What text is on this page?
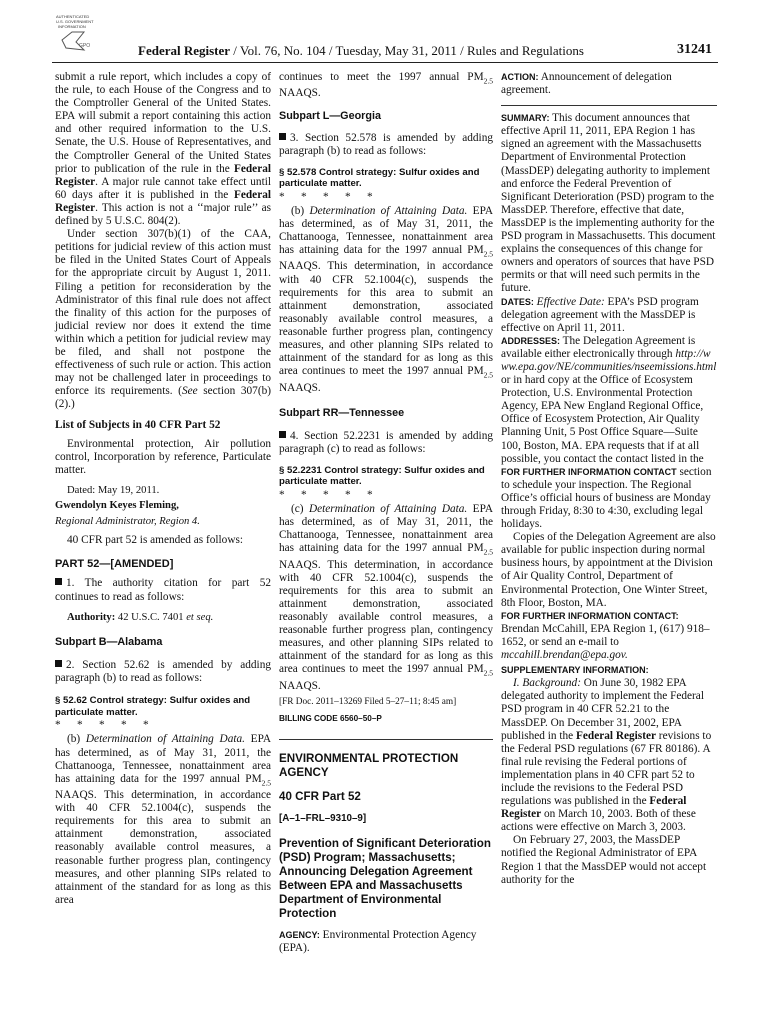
AUTHENTICATED
U.S. GOVERNMENT
INFORMATION
GPO	Federal Register / Vol. 76, No. 104 / Tuesday, May 31, 2011 / Rules and Regulations	31241

submit a rule report, which includes a copy of the rule, to each House of the Congress and to the Comptroller General of the United States. EPA will submit a report containing this action and other required information to the U.S. Senate, the U.S. House of Representatives, and the Comptroller General of the United States prior to publication of the rule in the Federal Register. A major rule cannot take effect until 60 days after it is published in the Federal Register. This action is not a ‘‘major rule’’ as defined by 5 U.S.C. 804(2).

Under section 307(b)(1) of the CAA, petitions for judicial review of this action must be filed in the United States Court of Appeals for the appropriate circuit by August 1, 2011. Filing a petition for reconsideration by the Administrator of this final rule does not affect the finality of this action for the purposes of judicial review nor does it extend the time within which a petition for judicial review may be filed, and shall not postpone the effectiveness of such rule or action. This action may not be challenged later in proceedings to enforce its requirements. (See section 307(b)(2).)

List of Subjects in 40 CFR Part 52

Environmental protection, Air pollution control, Incorporation by reference, Particulate matter.

Dated: May 19, 2011.

Gwendolyn Keyes Fleming,

Regional Administrator, Region 4.

40 CFR part 52 is amended as follows:

PART 52—[AMENDED]

1. The authority citation for part 52 continues to read as follows:

Authority: 42 U.S.C. 7401 et seq.

Subpart B—Alabama

2. Section 52.62 is amended by adding paragraph (b) to read as follows:

§ 52.62 Control strategy: Sulfur oxides and particulate matter.
* * * * *

(b) Determination of Attaining Data. EPA has determined, as of May 31, 2011, the Chattanooga, Tennessee, nonattainment area has attaining data for the 1997 annual $PM_{2.5}$ NAAQS. This determination, in accordance with 40 CFR 52.1004(c), suspends the requirements for this area to submit an attainment demonstration, associated reasonably available control measures, a reasonable further progress plan, contingency measures, and other planning SIPs related to attainment of the standard for as long as this area

continues to meet the 1997 annual $PM_{2.5}$ NAAQS.

Subpart L—Georgia

3. Section 52.578 is amended by adding paragraph (b) to read as follows:

§ 52.578 Control strategy: Sulfur oxides and particulate matter.
* * * * *

(b) Determination of Attaining Data. EPA has determined, as of May 31, 2011, the Chattanooga, Tennessee, nonattainment area has attaining data for the 1997 annual $PM_{2.5}$ NAAQS. This determination, in accordance with 40 CFR 52.1004(c), suspends the requirements for this area to submit an attainment demonstration, associated reasonably available control measures, a reasonable further progress plan, contingency measures, and other planning SIPs related to attainment of the standard for as long as this area continues to meet the 1997 annual $PM_{2.5}$ NAAQS.

Subpart RR—Tennessee

4. Section 52.2231 is amended by adding paragraph (c) to read as follows:

§ 52.2231 Control strategy: Sulfur oxides and particulate matter.
* * * * *

(c) Determination of Attaining Data. EPA has determined, as of May 31, 2011, the Chattanooga, Tennessee, nonattainment area has attaining data for the 1997 annual $PM_{2.5}$ NAAQS. This determination, in accordance with 40 CFR 52.1004(c), suspends the requirements for this area to submit an attainment demonstration, associated reasonably available control measures, a reasonable further progress plan, contingency measures, and other planning SIPs related to attainment of the standard for as long as this area continues to meet the 1997 annual $PM_{2.5}$ NAAQS.

[FR Doc. 2011–13269 Filed 5–27–11; 8:45 am]

BILLING CODE 6560–50–P

ENVIRONMENTAL PROTECTION AGENCY
40 CFR Part 52
[A–1–FRL–9310–9]
Prevention of Significant Deterioration (PSD) Program; Massachusetts; Announcing Delegation Agreement Between EPA and Massachusetts Department of Environmental Protection

AGENCY: Environmental Protection Agency (EPA).

ACTION: Announcement of delegation agreement.

SUMMARY: This document announces that effective April 11, 2011, EPA Region 1 has signed an agreement with the Massachusetts Department of Environmental Protection (MassDEP) delegating authority to implement and enforce the Federal Prevention of Significant Deterioration (PSD) program to the MassDEP. Therefore, effective that date, MassDEP is the implementing authority for the PSD program in Massachusetts. This document explains the consequences of this change for owners and operators of sources that have PSD permits or that will need such permits in the future.

DATES: Effective Date: EPA’s PSD program delegation agreement with the MassDEP is effective on April 11, 2011.

ADDRESSES: The Delegation Agreement is available either electronically through http://www.epa.gov/NE/communities/nseemissions.html or in hard copy at the Office of Ecosystem Protection, U.S. Environmental Protection Agency, EPA New England Regional Office, Office of Ecosystem Protection, Air Quality Planning Unit, 5 Post Office Square—Suite 100, Boston, MA. EPA requests that if at all possible, you contact the contact listed in the FOR FURTHER INFORMATION CONTACT section to schedule your inspection. The Regional Office’s official hours of business are Monday through Friday, 8:30 to 4:30, excluding legal holidays.

Copies of the Delegation Agreement are also available for public inspection during normal business hours, by appointment at the Division of Air Quality Control, Department of Environmental Protection, One Winter Street, 8th Floor, Boston, MA.

FOR FURTHER INFORMATION CONTACT: Brendan McCahill, EPA Region 1, (617) 918–1652, or send an e-mail to mccahill.brendan@epa.gov.

SUPPLEMENTARY INFORMATION:

I. Background: On June 30, 1982 EPA delegated authority to implement the Federal PSD program in 40 CFR 52.21 to the MassDEP. On December 31, 2002, EPA published in the Federal Register revisions to the Federal PSD regulations (67 FR 80186). A final rule revising the Federal portions of implementation plans in 40 CFR part 52 to include the revisions to the Federal PSD regulations was published in the Federal Register on March 10, 2003. Both of these actions were effective on March 3, 2003.

On February 27, 2003, the MassDEP notified the Regional Administrator of EPA Region 1 that the MassDEP would not accept authority for the
